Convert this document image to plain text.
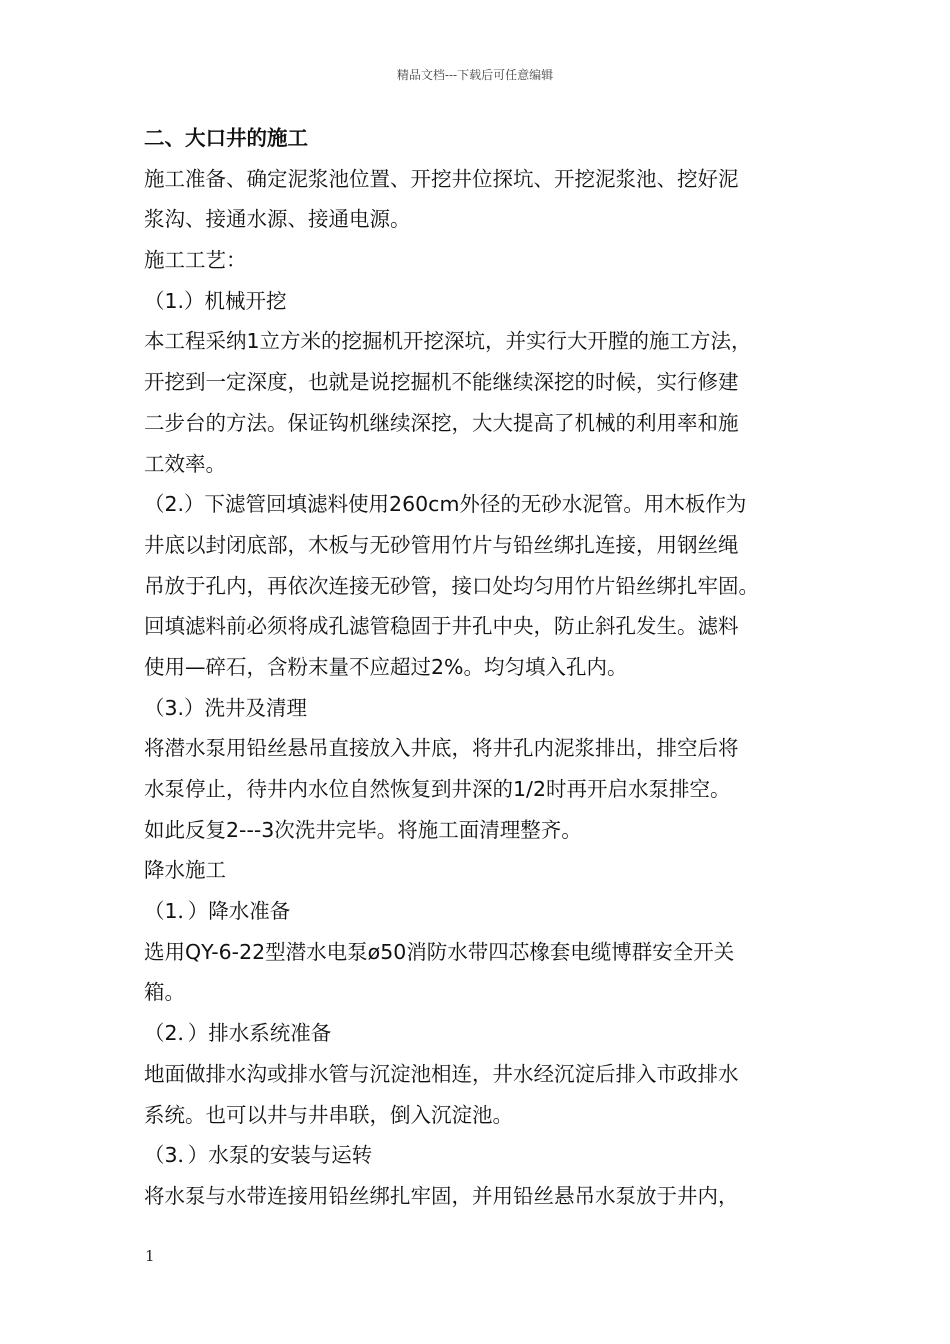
精品文档---下载后可任意编辑
二、大口井的施工
施工准备、确定泥浆池位置、开挖井位探坑、开挖泥浆池、挖好泥
浆沟、接通水源、接通电源。
施工工艺：
（1.）机械开挖
本工程采纳1立方米的挖掘机开挖深坑，并实行大开膛的施工方法，
开挖到一定深度，也就是说挖掘机不能继续深挖的时候，实行修建
二步台的方法。保证钩机继续深挖，大大提高了机械的利用率和施
工效率。
（2.）下滤管回填滤料使用260cm外径的无砂水泥管。用木板作为
井底以封闭底部，木板与无砂管用竹片与铅丝绑扎连接，用钢丝绳
吊放于孔内，再依次连接无砂管，接口处均匀用竹片铅丝绑扎牢固。
回填滤料前必须将成孔滤管稳固于井孔中央，防止斜孔发生。滤料
使用—碎石，含粉末量不应超过2%。均匀填入孔内。
（3.）洗井及清理
将潜水泵用铅丝悬吊直接放入井底，将井孔内泥浆排出，排空后将
水泵停止，待井内水位自然恢复到井深的1/2时再开启水泵排空。
如此反复2---3次洗井完毕。将施工面清理整齐。
降水施工
（1．）降水准备
选用QY-6-22型潜水电泵ø50消防水带四芯橡套电缆博群安全开关
箱。
（2．）排水系统准备
地面做排水沟或排水管与沉淀池相连，井水经沉淀后排入市政排水
系统。也可以井与井串联，倒入沉淀池。
（3．）水泵的安装与运转
将水泵与水带连接用铅丝绑扎牢固，并用铅丝悬吊水泵放于井内，
1
